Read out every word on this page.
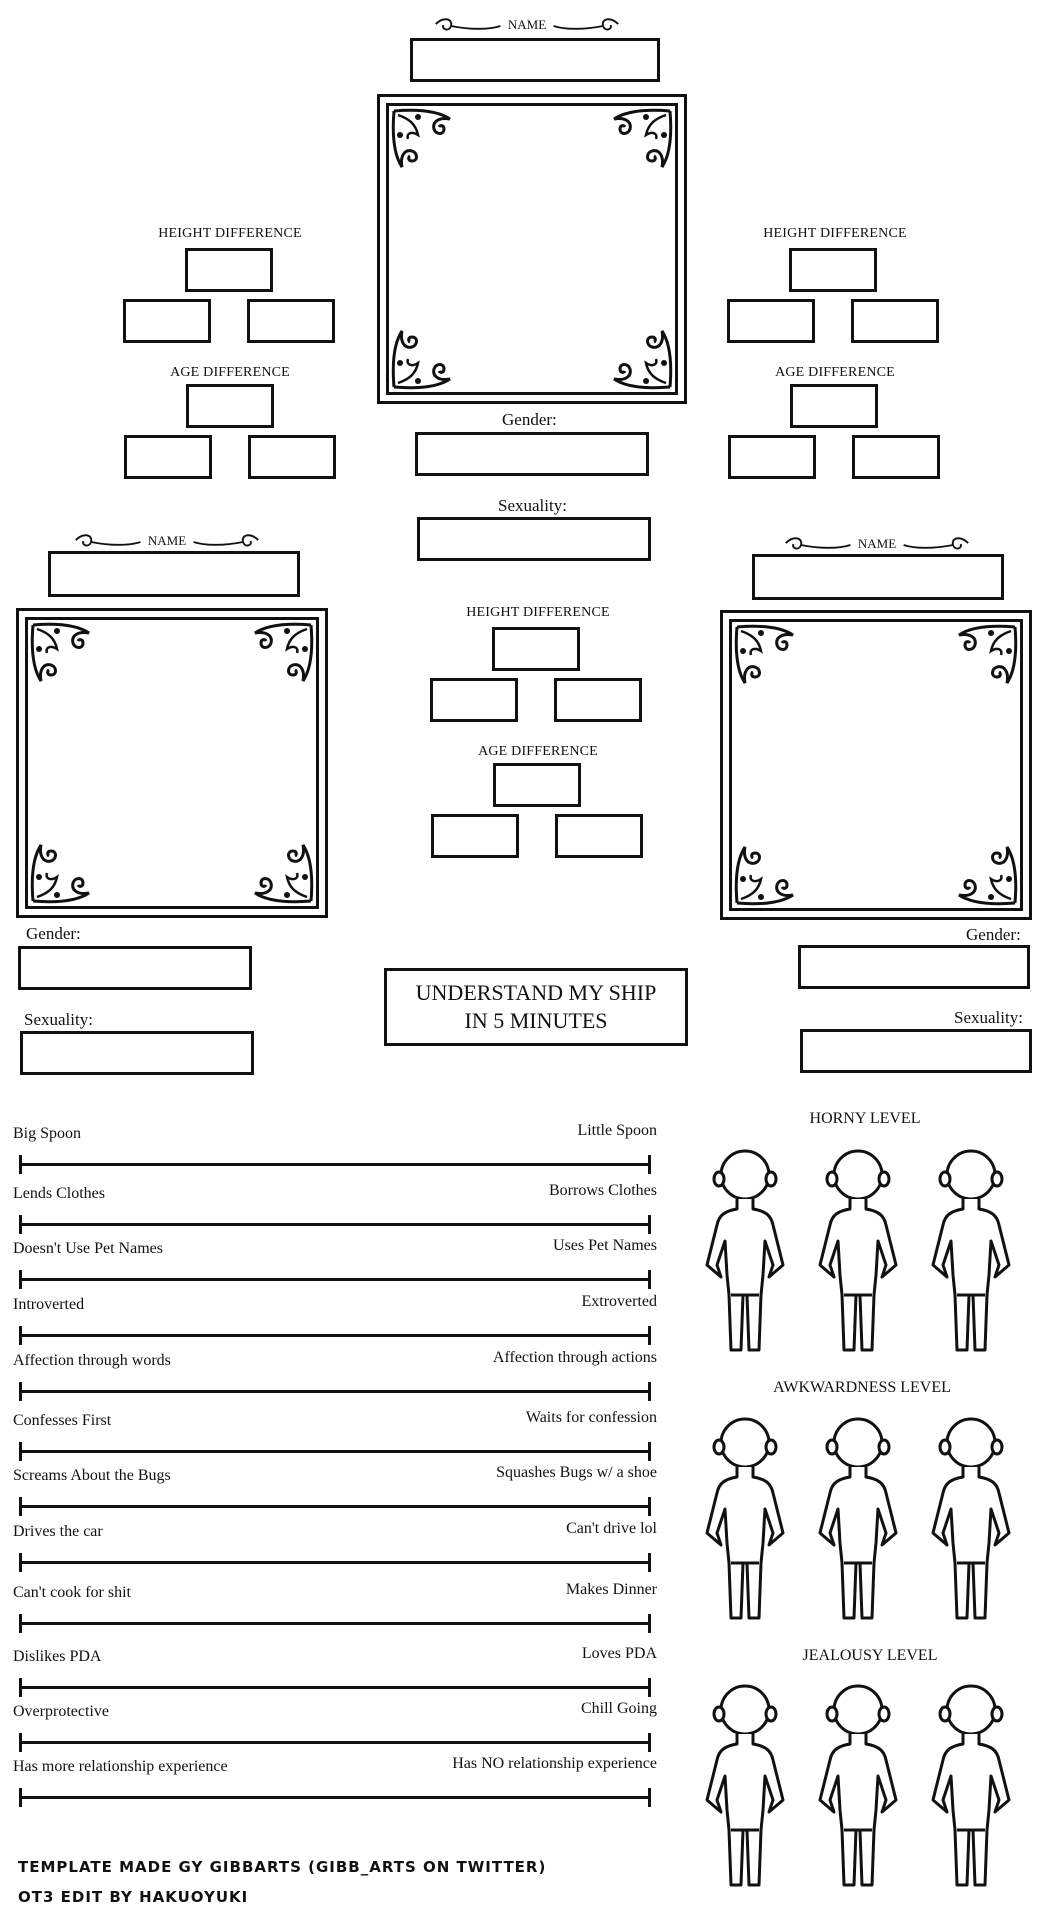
NAME
Gender:
Sexuality:
HEIGHT DIFFERENCE
AGE DIFFERENCE
HEIGHT DIFFERENCE
AGE DIFFERENCE
NAME
Gender:
Sexuality:
HEIGHT DIFFERENCE
AGE DIFFERENCE
NAME
Gender:
Sexuality:
UNDERSTAND MY SHIP
IN 5 MINUTES
Big Spoon	Little Spoon
Lends Clothes	Borrows Clothes
Doesn't Use Pet Names	Uses Pet Names
Introverted	Extroverted
Affection through words	Affection through actions
Confesses First	Waits for confession
Screams About the Bugs	Squashes Bugs w/ a shoe
Drives the car	Can't drive lol
Can't cook for shit	Makes Dinner
Dislikes PDA	Loves PDA
Overprotective	Chill Going
Has more relationship experience	Has NO relationship experience
HORNY LEVEL
AWKWARDNESS LEVEL
JEALOUSY LEVEL
TEMPLATE MADE GY GIBBARTS (GIBB_ARTS ON TWITTER)
OT3 EDIT BY HAKUOYUKI
